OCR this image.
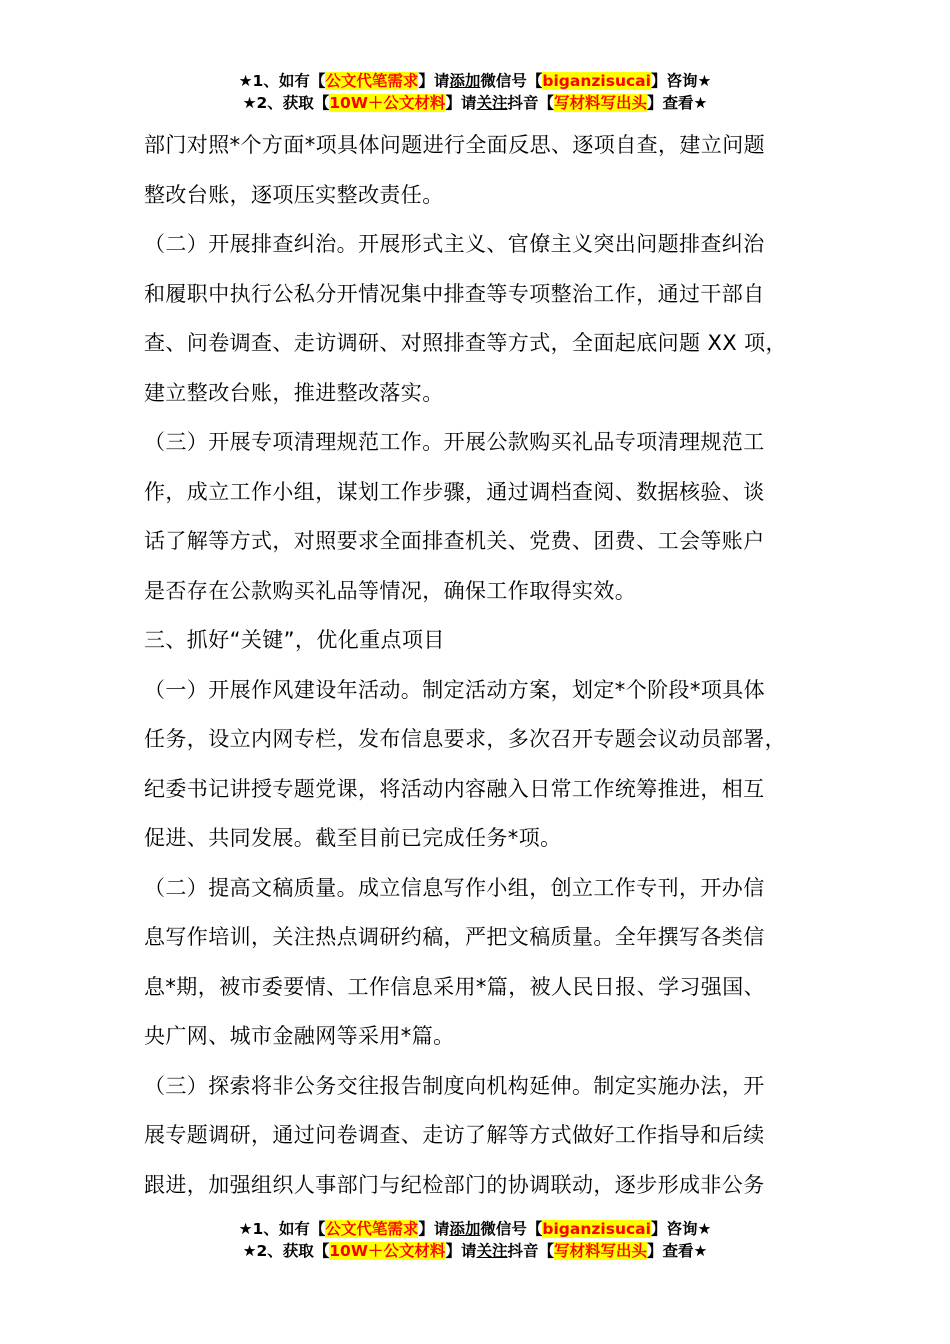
★1、如有【公文代笔需求】请添加微信号【biganzisucai】咨询★
★2、获取【10W＋公文材料】请关注抖音【写材料写出头】查看★

部门对照*个方面*项具体问题进行全面反思、逐项自查，建立问题

整改台账，逐项压实整改责任。

（二）开展排查纠治。开展形式主义、官僚主义突出问题排查纠治

和履职中执行公私分开情况集中排查等专项整治工作，通过干部自

查、问卷调查、走访调研、对照排查等方式，全面起底问题 XX 项，

建立整改台账，推进整改落实。

（三）开展专项清理规范工作。开展公款购买礼品专项清理规范工

作，成立工作小组，谋划工作步骤，通过调档查阅、数据核验、谈

话了解等方式，对照要求全面排查机关、党费、团费、工会等账户

是否存在公款购买礼品等情况，确保工作取得实效。

三、抓好“关键”，优化重点项目

（一）开展作风建设年活动。制定活动方案，划定*个阶段*项具体

任务，设立内网专栏，发布信息要求，多次召开专题会议动员部署，

纪委书记讲授专题党课，将活动内容融入日常工作统筹推进，相互

促进、共同发展。截至目前已完成任务*项。

（二）提高文稿质量。成立信息写作小组，创立工作专刊，开办信

息写作培训，关注热点调研约稿，严把文稿质量。全年撰写各类信

息*期，被市委要情、工作信息采用*篇，被人民日报、学习强国、

央广网、城市金融网等采用*篇。

（三）探索将非公务交往报告制度向机构延伸。制定实施办法，开

展专题调研，通过问卷调查、走访了解等方式做好工作指导和后续

跟进，加强组织人事部门与纪检部门的协调联动，逐步形成非公务

★1、如有【公文代笔需求】请添加微信号【biganzisucai】咨询★
★2、获取【10W＋公文材料】请关注抖音【写材料写出头】查看★
